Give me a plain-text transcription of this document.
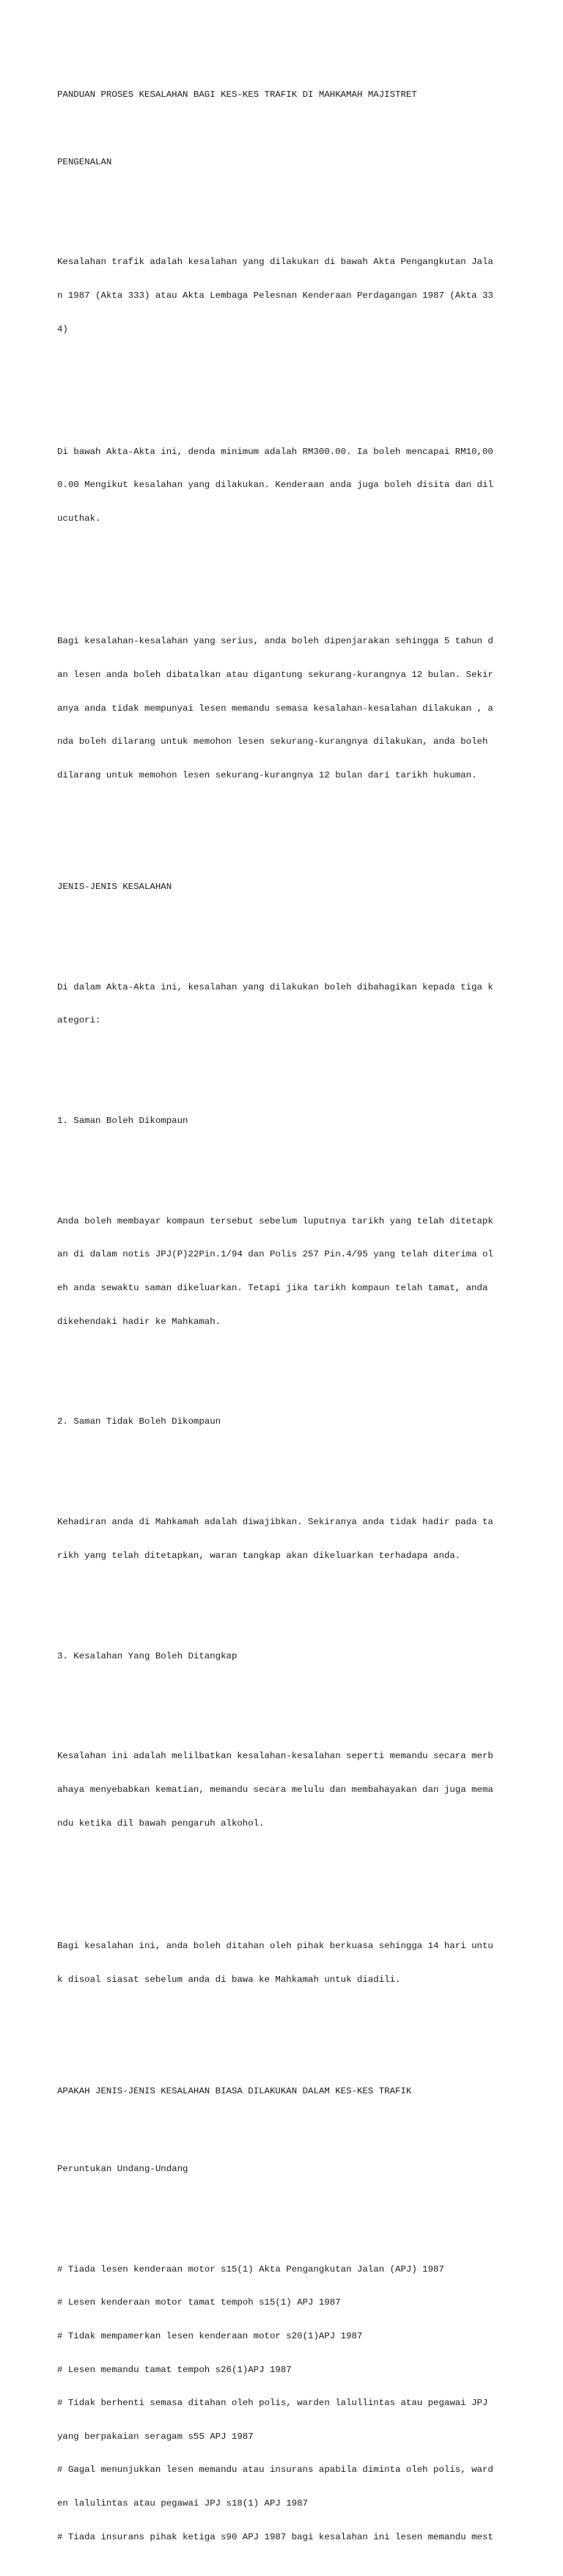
PANDUAN PROSES KESALAHAN BAGI KES-KES TRAFIK DI MAHKAMAH MAJISTRET

PENGENALAN

Kesalahan trafik adalah kesalahan yang dilakukan di bawah Akta Pengangkutan Jala

n 1987 (Akta 333) atau Akta Lembaga Pelesnan Kenderaan Perdagangan 1987 (Akta 33

4)

Di bawah Akta-Akta ini, denda minimum adalah RM300.00. Ia boleh mencapai RM10,00

0.00 Mengikut kesalahan yang dilakukan. Kenderaan anda juga boleh disita dan dil

ucuthak.

Bagi kesalahan-kesalahan yang serius, anda boleh dipenjarakan sehingga 5 tahun d

an lesen anda boleh dibatalkan atau digantung sekurang-kurangnya 12 bulan. Sekir

anya anda tidak mempunyai lesen memandu semasa kesalahan-kesalahan dilakukan , a

nda boleh dilarang untuk memohon lesen sekurang-kurangnya dilakukan, anda boleh

dilarang untuk memohon lesen sekurang-kurangnya 12 bulan dari tarikh hukuman.

JENIS-JENIS KESALAHAN

Di dalam Akta-Akta ini, kesalahan yang dilakukan boleh dibahagikan kepada tiga k

ategori:

1. Saman Boleh Dikompaun

Anda boleh membayar kompaun tersebut sebelum luputnya tarikh yang telah ditetapk

an di dalam notis JPJ(P)22Pin.1/94 dan Polis 257 Pin.4/95 yang telah diterima ol

eh anda sewaktu saman dikeluarkan. Tetapi jika tarikh kompaun telah tamat, anda

dikehendaki hadir ke Mahkamah.

2. Saman Tidak Boleh Dikompaun

Kehadiran anda di Mahkamah adalah diwajibkan. Sekiranya anda tidak hadir pada ta

rikh yang telah ditetapkan, waran tangkap akan dikeluarkan terhadapa anda.

3. Kesalahan Yang Boleh Ditangkap

Kesalahan ini adalah melilbatkan kesalahan-kesalahan seperti memandu secara merb

ahaya menyebabkan kematian, memandu secara melulu dan membahayakan dan juga mema

ndu ketika dil bawah pengaruh alkohol.

Bagi kesalahan ini, anda boleh ditahan oleh pihak berkuasa sehingga 14 hari untu

k disoal siasat sebelum anda di bawa ke Mahkamah untuk diadili.

APAKAH JENIS-JENIS KESALAHAN BIASA DILAKUKAN DALAM KES-KES TRAFIK

Peruntukan Undang-Undang

# Tiada lesen kenderaan motor s15(1) Akta Pengangkutan Jalan (APJ) 1987

# Lesen kenderaan motor tamat tempoh s15(1) APJ 1987

# Tidak mempamerkan lesen kenderaan motor s20(1)APJ 1987

# Lesen memandu tamat tempoh s26(1)APJ 1987

# Tidak berhenti semasa ditahan oleh polis, warden lalullintas atau pegawai JPJ

yang berpakaian seragam s55 APJ 1987

# Gagal menunjukkan lesen memandu atau insurans apabila diminta oleh polis, ward

en lalulintas atau pegawai JPJ s18(1) APJ 1987

# Tiada insurans pihak ketiga s90 APJ 1987 bagi kesalahan ini lesen memandu mest
